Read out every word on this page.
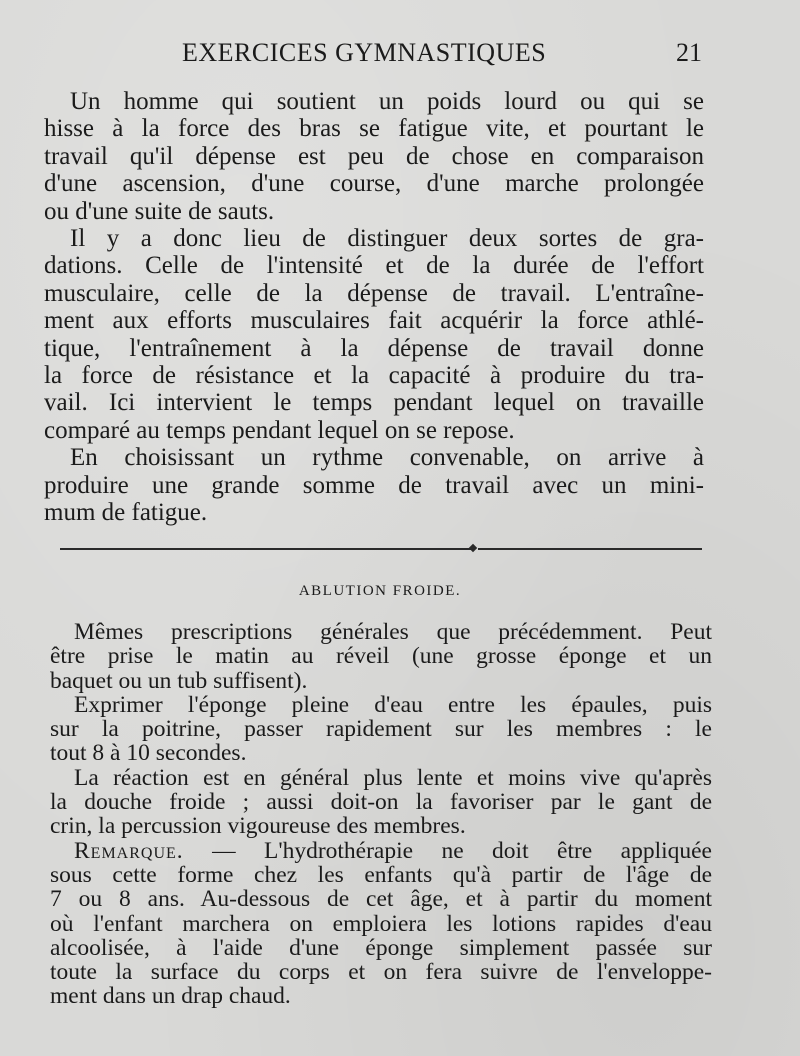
EXERCICES GYMNASTIQUES	21
Un homme qui soutient un poids lourd ou qui se
hisse à la force des bras se fatigue vite, et pourtant le
travail qu'il dépense est peu de chose en comparaison
d'une ascension, d'une course, d'une marche prolongée
ou d'une suite de sauts.
Il y a donc lieu de distinguer deux sortes de gra-
dations. Celle de l'intensité et de la durée de l'effort
musculaire, celle de la dépense de travail. L'entraîne-
ment aux efforts musculaires fait acquérir la force athlé-
tique, l'entraînement à la dépense de travail donne
la force de résistance et la capacité à produire du tra-
vail. Ici intervient le temps pendant lequel on travaille
comparé au temps pendant lequel on se repose.
En choisissant un rythme convenable, on arrive à
produire une grande somme de travail avec un mini-
mum de fatigue.
ABLUTION FROIDE.
Mêmes prescriptions générales que précédemment. Peut
être prise le matin au réveil (une grosse éponge et un
baquet ou un tub suffisent).
Exprimer l'éponge pleine d'eau entre les épaules, puis
sur la poitrine, passer rapidement sur les membres : le
tout 8 à 10 secondes.
La réaction est en général plus lente et moins vive qu'après
la douche froide ; aussi doit-on la favoriser par le gant de
crin, la percussion vigoureuse des membres.
Remarque. — L'hydrothérapie ne doit être appliquée
sous cette forme chez les enfants qu'à partir de l'âge de
7 ou 8 ans. Au-dessous de cet âge, et à partir du moment
où l'enfant marchera on emploiera les lotions rapides d'eau
alcoolisée, à l'aide d'une éponge simplement passée sur
toute la surface du corps et on fera suivre de l'enveloppe-
ment dans un drap chaud.
